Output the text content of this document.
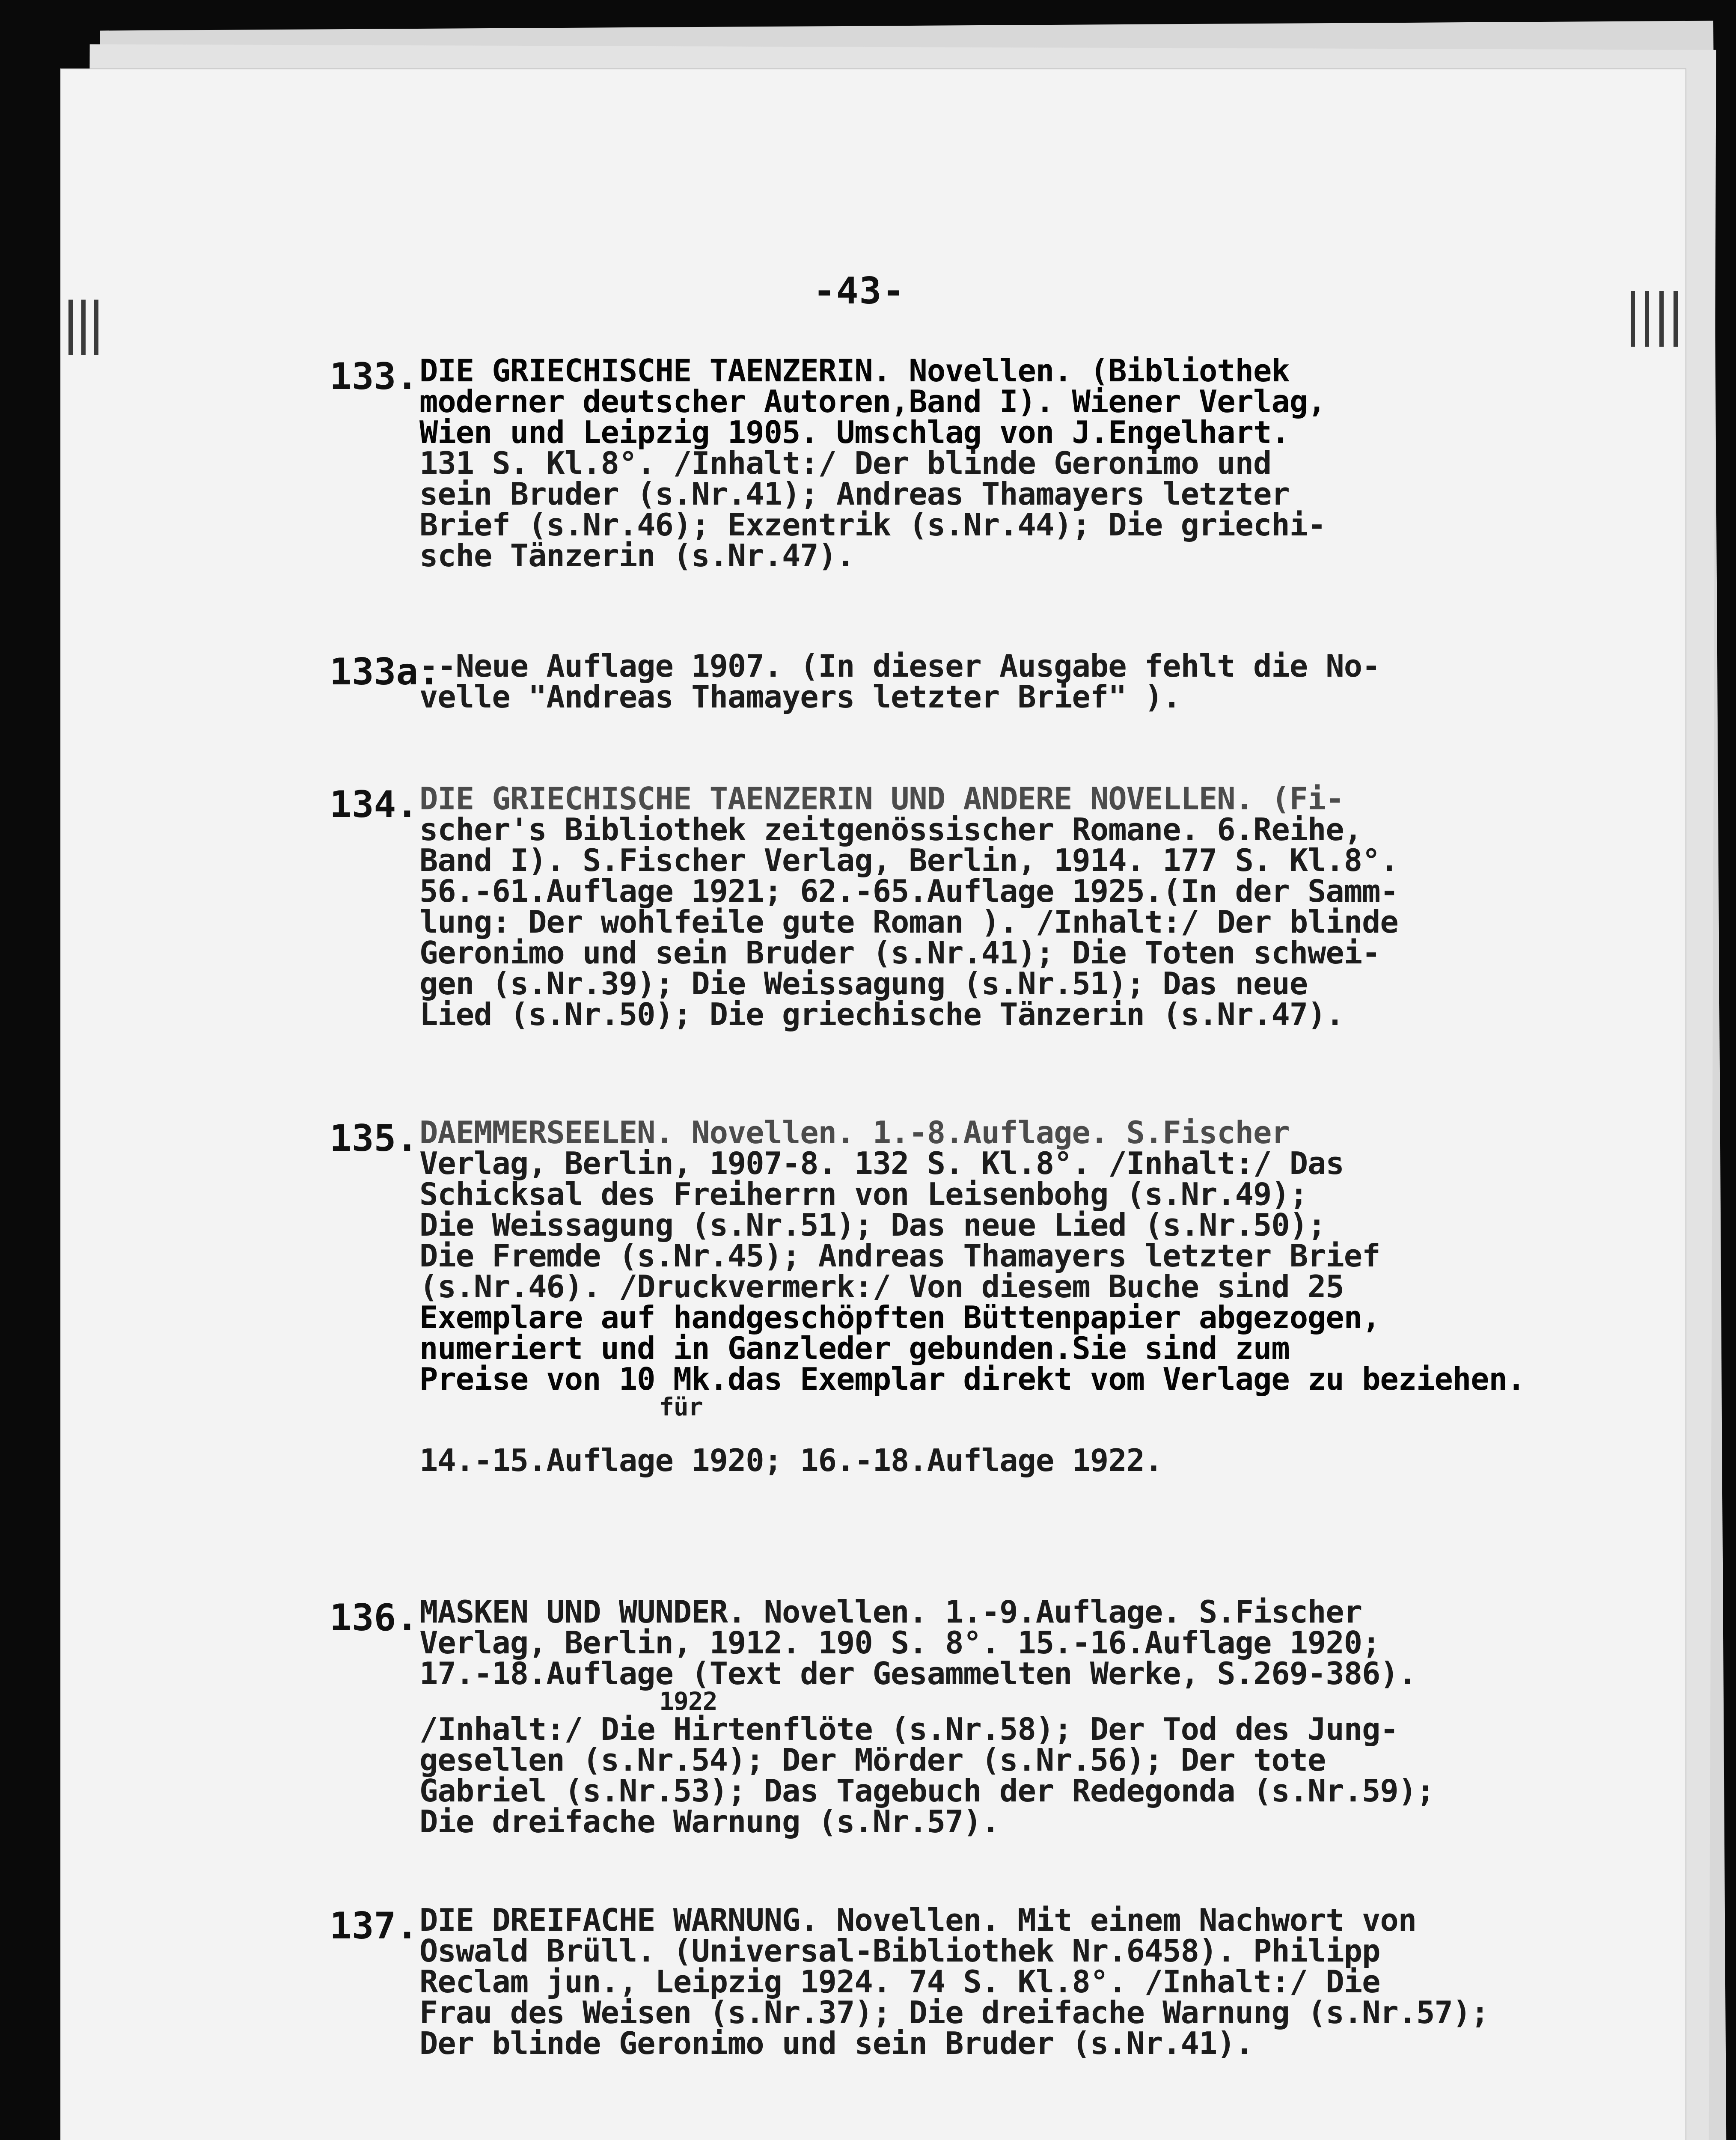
-43-
133. DIE GRIECHISCHE TAENZERIN. Novellen. (Bibliothek
moderner deutscher Autoren,Band I). Wiener Verlag,
Wien und Leipzig 1905. Umschlag von J.Engelhart.
131 S. Kl.8°. /Inhalt:/ Der blinde Geronimo und
sein Bruder (s.Nr.41); Andreas Thamayers letzter
Brief (s.Nr.46); Exzentrik (s.Nr.44); Die griechi-
sche Tänzerin (s.Nr.47).
133a.
--Neue Auflage 1907. (In dieser Ausgabe fehlt die No-
velle "Andreas Thamayers letzter Brief" ).
134. DIE GRIECHISCHE TAENZERIN UND ANDERE NOVELLEN. (Fi-
scher's Bibliothek zeitgenössischer Romane. 6.Reihe,
Band I). S.Fischer Verlag, Berlin, 1914. 177 S. Kl.8°.
56.-61.Auflage 1921; 62.-65.Auflage 1925.(In der Samm-
lung: Der wohlfeile gute Roman ). /Inhalt:/ Der blinde
Geronimo und sein Bruder (s.Nr.41); Die Toten schwei-
gen (s.Nr.39); Die Weissagung (s.Nr.51); Das neue
Lied (s.Nr.50); Die griechische Tänzerin (s.Nr.47).
135. DAEMMERSEELEN. Novellen. 1.-8.Auflage. S.Fischer
Verlag, Berlin, 1907-8. 132 S. Kl.8°. /Inhalt:/ Das
Schicksal des Freiherrn von Leisenbohg (s.Nr.49);
Die Weissagung (s.Nr.51); Das neue Lied (s.Nr.50);
Die Fremde (s.Nr.45); Andreas Thamayers letzter Brief
(s.Nr.46). /Druckvermerk:/ Von diesem Buche sind 25
Exemplare auf handgeschöpften Büttenpapier abgezogen,
numeriert und in Ganzleder gebunden.Sie sind zum
Preise von 10 Mk.das Exemplar direkt vom Verlage zu beziehen.
für
14.-15.Auflage 1920; 16.-18.Auflage 1922.
136. MASKEN UND WUNDER. Novellen. 1.-9.Auflage. S.Fischer
Verlag, Berlin, 1912. 190 S. 8°. 15.-16.Auflage 1920;
17.-18.Auflage (Text der Gesammelten Werke, S.269-386).
1922
/Inhalt:/ Die Hirtenflöte (s.Nr.58); Der Tod des Jung-
gesellen (s.Nr.54); Der Mörder (s.Nr.56); Der tote
Gabriel (s.Nr.53); Das Tagebuch der Redegonda (s.Nr.59);
Die dreifache Warnung (s.Nr.57).
137. DIE DREIFACHE WARNUNG. Novellen. Mit einem Nachwort von
Oswald Brüll. (Universal-Bibliothek Nr.6458). Philipp
Reclam jun., Leipzig 1924. 74 S. Kl.8°. /Inhalt:/ Die
Frau des Weisen (s.Nr.37); Die dreifache Warnung (s.Nr.57);
Der blinde Geronimo und sein Bruder (s.Nr.41).
